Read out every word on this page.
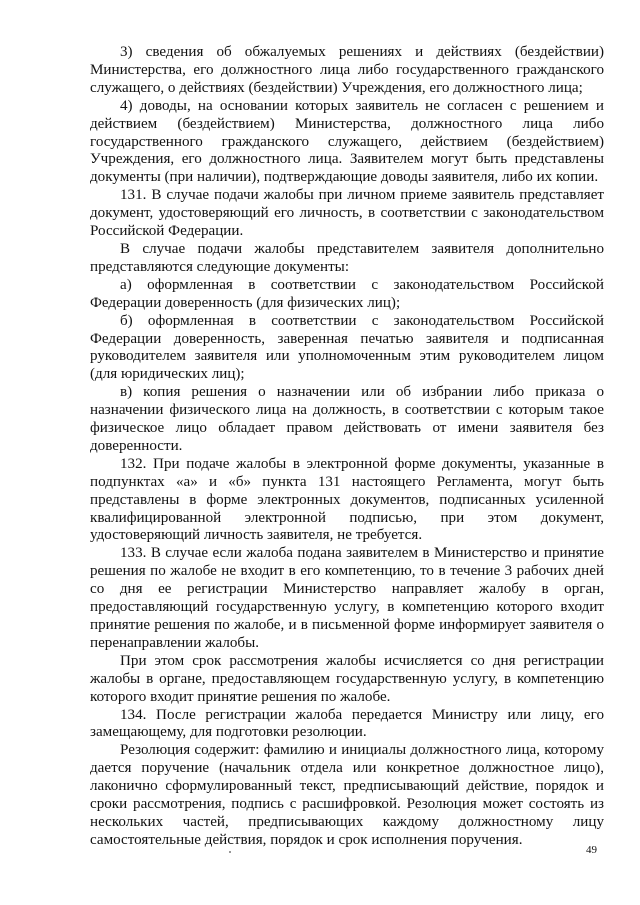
3) сведения об обжалуемых решениях и действиях (бездействии) Министерства, его должностного лица либо государственного гражданского служащего, о действиях (бездействии) Учреждения, его должностного лица;

4) доводы, на основании которых заявитель не согласен с решением и действием (бездействием) Министерства, должностного лица либо государственного гражданского служащего, действием (бездействием) Учреждения, его должностного лица. Заявителем могут быть представлены документы (при наличии), подтверждающие доводы заявителя, либо их копии.

131. В случае подачи жалобы при личном приеме заявитель представляет документ, удостоверяющий его личность, в соответствии с законодательством Российской Федерации.

В случае подачи жалобы представителем заявителя дополнительно представляются следующие документы:

а) оформленная в соответствии с законодательством Российской Федерации доверенность (для физических лиц);

б) оформленная в соответствии с законодательством Российской Федерации доверенность, заверенная печатью заявителя и подписанная руководителем заявителя или уполномоченным этим руководителем лицом (для юридических лиц);

в) копия решения о назначении или об избрании либо приказа о назначении физического лица на должность, в соответствии с которым такое физическое лицо обладает правом действовать от имени заявителя без доверенности.

132. При подаче жалобы в электронной форме документы, указанные в подпунктах «а» и «б» пункта 131 настоящего Регламента, могут быть представлены в форме электронных документов, подписанных усиленной квалифицированной электронной подписью, при этом документ, удостоверяющий личность заявителя, не требуется.

133. В случае если жалоба подана заявителем в Министерство и принятие решения по жалобе не входит в его компетенцию, то в течение 3 рабочих дней со дня ее регистрации Министерство направляет жалобу в орган, предоставляющий государственную услугу, в компетенцию которого входит принятие решения по жалобе, и в письменной форме информирует заявителя о перенаправлении жалобы.

При этом срок рассмотрения жалобы исчисляется со дня регистрации жалобы в органе, предоставляющем государственную услугу, в компетенцию которого входит принятие решения по жалобе.

134. После регистрации жалоба передается Министру или лицу, его замещающему, для подготовки резолюции.

Резолюция содержит: фамилию и инициалы должностного лица, которому дается поручение (начальник отдела или конкретное должностное лицо), лаконично сформулированный текст, предписывающий действие, порядок и сроки рассмотрения, подпись с расшифровкой. Резолюция может состоять из нескольких частей, предписывающих каждому должностному лицу самостоятельные действия, порядок и срок исполнения поручения.

49
